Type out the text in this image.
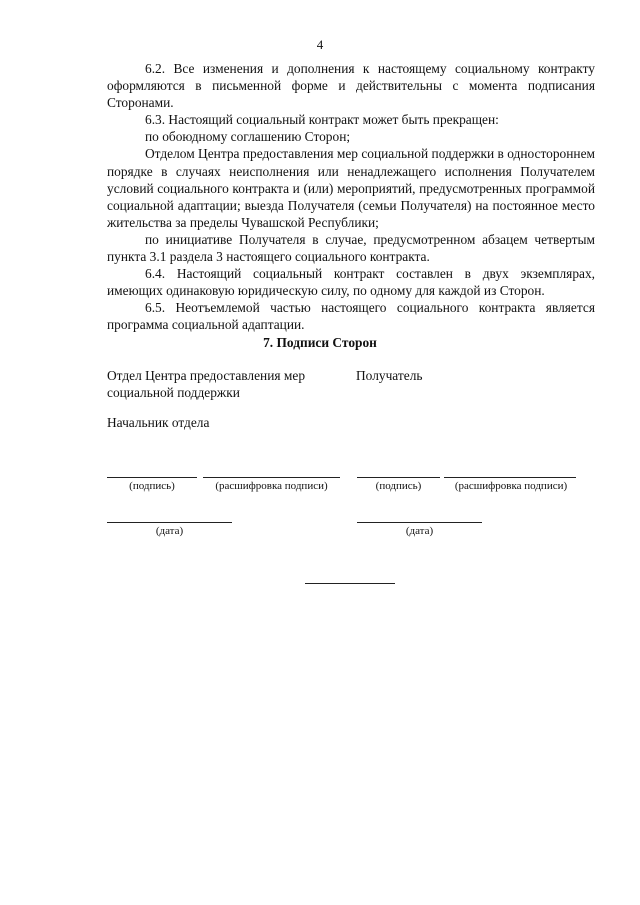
4

6.2. Все изменения и дополнения к настоящему социальному контракту оформляются в письменной форме и действительны с момента подписания Сторонами.

6.3. Настоящий социальный контракт может быть прекращен:

по обоюдному соглашению Сторон;

Отделом Центра предоставления мер социальной поддержки в одностороннем порядке в случаях неисполнения или ненадлежащего исполнения Получателем условий социального контракта и (или) мероприятий, предусмотренных программой социальной адаптации; выезда Получателя (семьи Получателя) на постоянное место жительства за пределы Чувашской Республики;

по инициативе Получателя в случае, предусмотренном абзацем четвертым пункта 3.1 раздела 3 настоящего социального контракта.

6.4. Настоящий социальный контракт составлен в двух экземплярах, имеющих одинаковую юридическую силу, по одному для каждой из Сторон.

6.5. Неотъемлемой частью настоящего социального контракта является программа социальной адаптации.

7. Подписи Сторон
Отдел Центра предоставления мер социальной поддержки
Получатель
Начальник отдела
(подпись)	(расшифровка подписи)
(дата)
(подпись)	(расшифровка подписи)
(дата)
